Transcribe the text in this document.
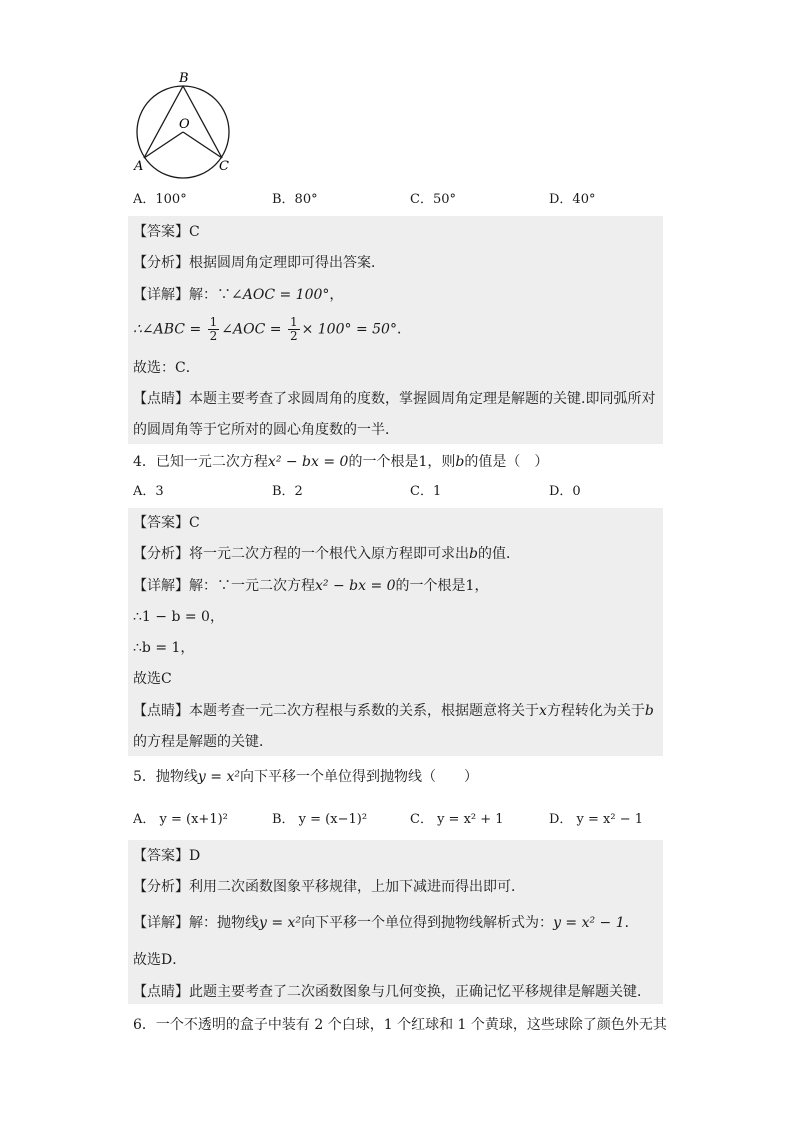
B
O
A	C
A．100°	B．80°	C．50°	D．40°
【答案】C
【分析】根据圆周角定理即可得出答案．
【详解】解：∵∠AOC = 100°，
∴∠ABC = $\frac{1}{2}$ ∠AOC = $\frac{1}{2} \times 100^\circ = 50^\circ$．
故选：C．
【点睛】本题主要考查了求圆周角的度数，掌握圆周角定理是解题的关键.即同弧所对
的圆周角等于它所对的圆心角度数的一半．
4．已知一元二次方程x² − bx = 0的一个根是1，则b的值是（　）
A．3	B．2	C．1	D．0
【答案】C
【分析】将一元二次方程的一个根代入原方程即可求出b的值．
【详解】解：∵一元二次方程x² − bx = 0的一个根是1，
∴1 − b = 0，
∴b = 1，
故选C
【点睛】本题考查一元二次方程根与系数的关系，根据题意将关于x方程转化为关于b
的方程是解题的关键．
5．抛物线y = x²向下平移一个单位得到抛物线（　　）
A． y = (x+1)²	B． y = (x−1)²	C． y = x² + 1	D． y = x² − 1
【答案】D
【分析】利用二次函数图象平移规律，上加下减进而得出即可．
【详解】解：抛物线y = x²向下平移一个单位得到抛物线解析式为：y = x² − 1．
故选D．
【点睛】此题主要考查了二次函数图象与几何变换，正确记忆平移规律是解题关键．
6．一个不透明的盒子中装有 2 个白球，1 个红球和 1 个黄球，这些球除了颜色外无其
